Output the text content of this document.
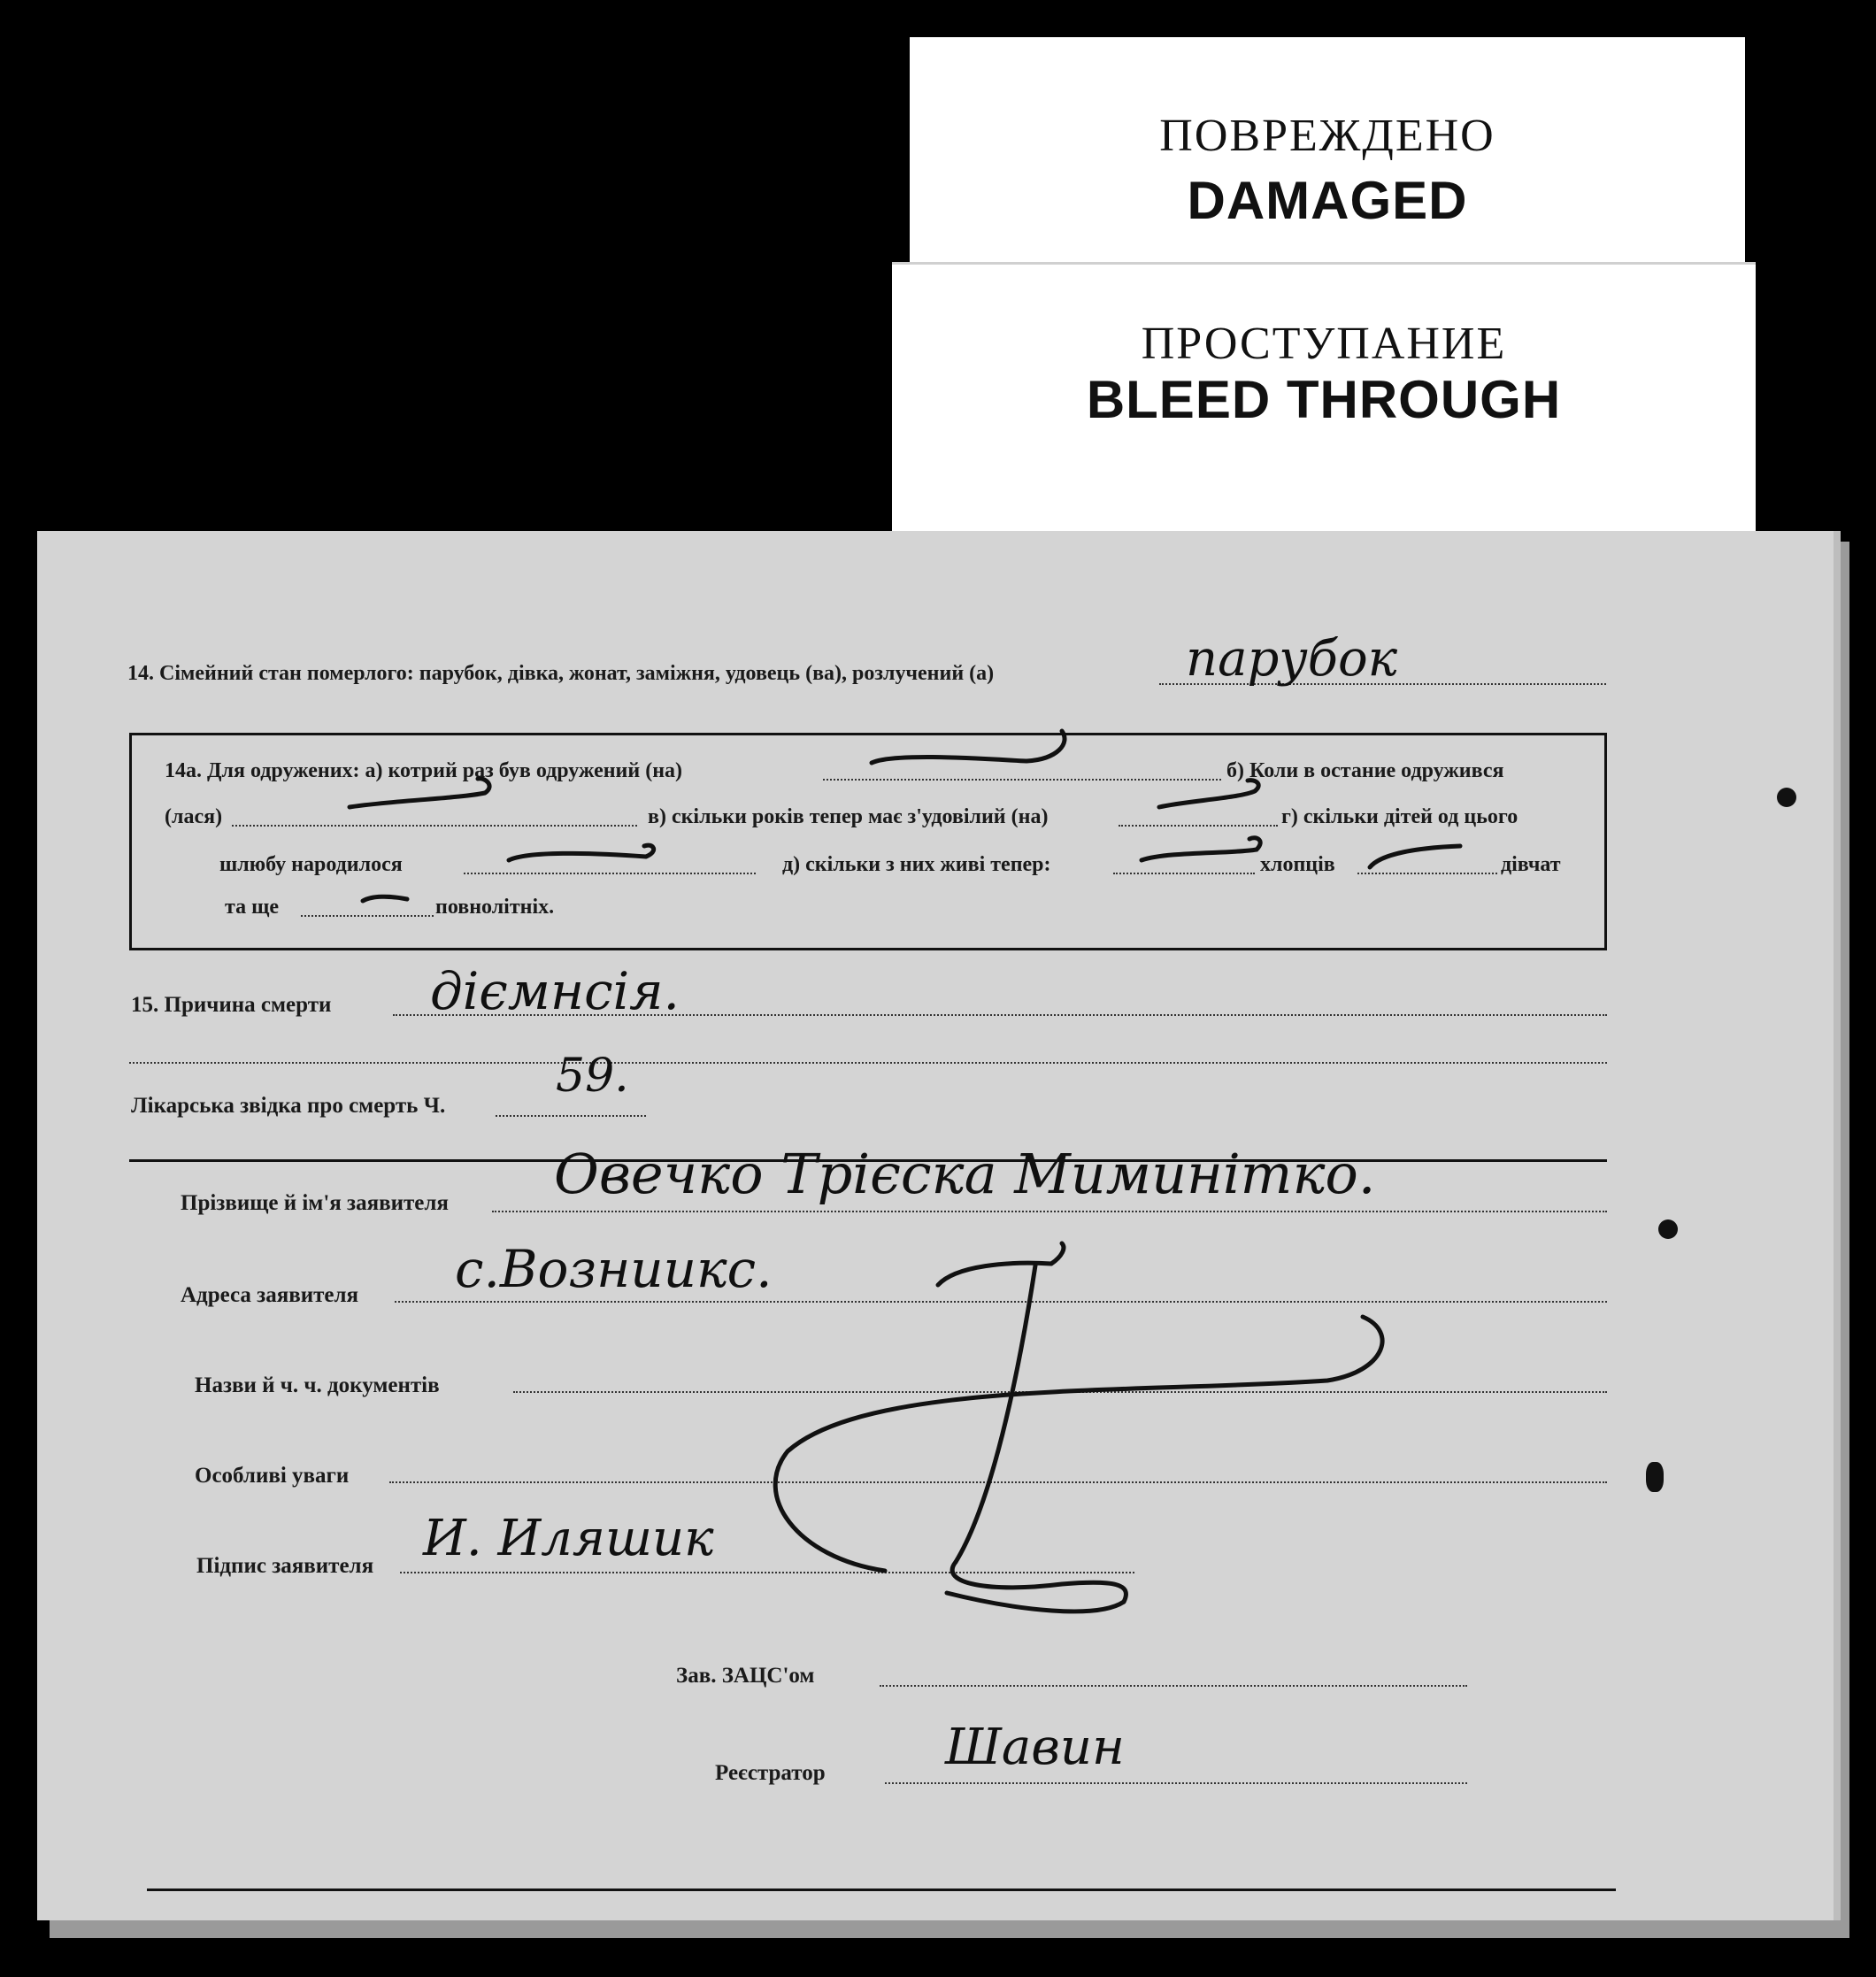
ПОВРЕЖДЕНО
DAMAGED
ПРОСТУПАНИЕ
BLEED THROUGH
14. Сімейний стан померлого: парубок, дівка, жонат, заміжня, удовець (ва), розлучений (а)	парубок
14а. Для одружених: а) котрий раз був одружений (на)	б) Коли в остание одружився
(лася)	в) скільки років тепер має з'удовілий (на)	г) скільки дітей од цього
шлюбу народилося	д) скільки з них живі тепер:	хлопців	дівчат
та ще	повнолітніх.
15. Причина смерти діємнсія.
Лікарська звідка про смерть Ч.
59.
Прізвище й ім'я заявителя Овечко Трієска Миминітко.
Адреса заявителя с.Возниикс.
Назви й ч. ч. документів
Особливі уваги
Підпис заявителя И. Иляшик
Зав. ЗАЦС'ом
Реєстратор Шавин
